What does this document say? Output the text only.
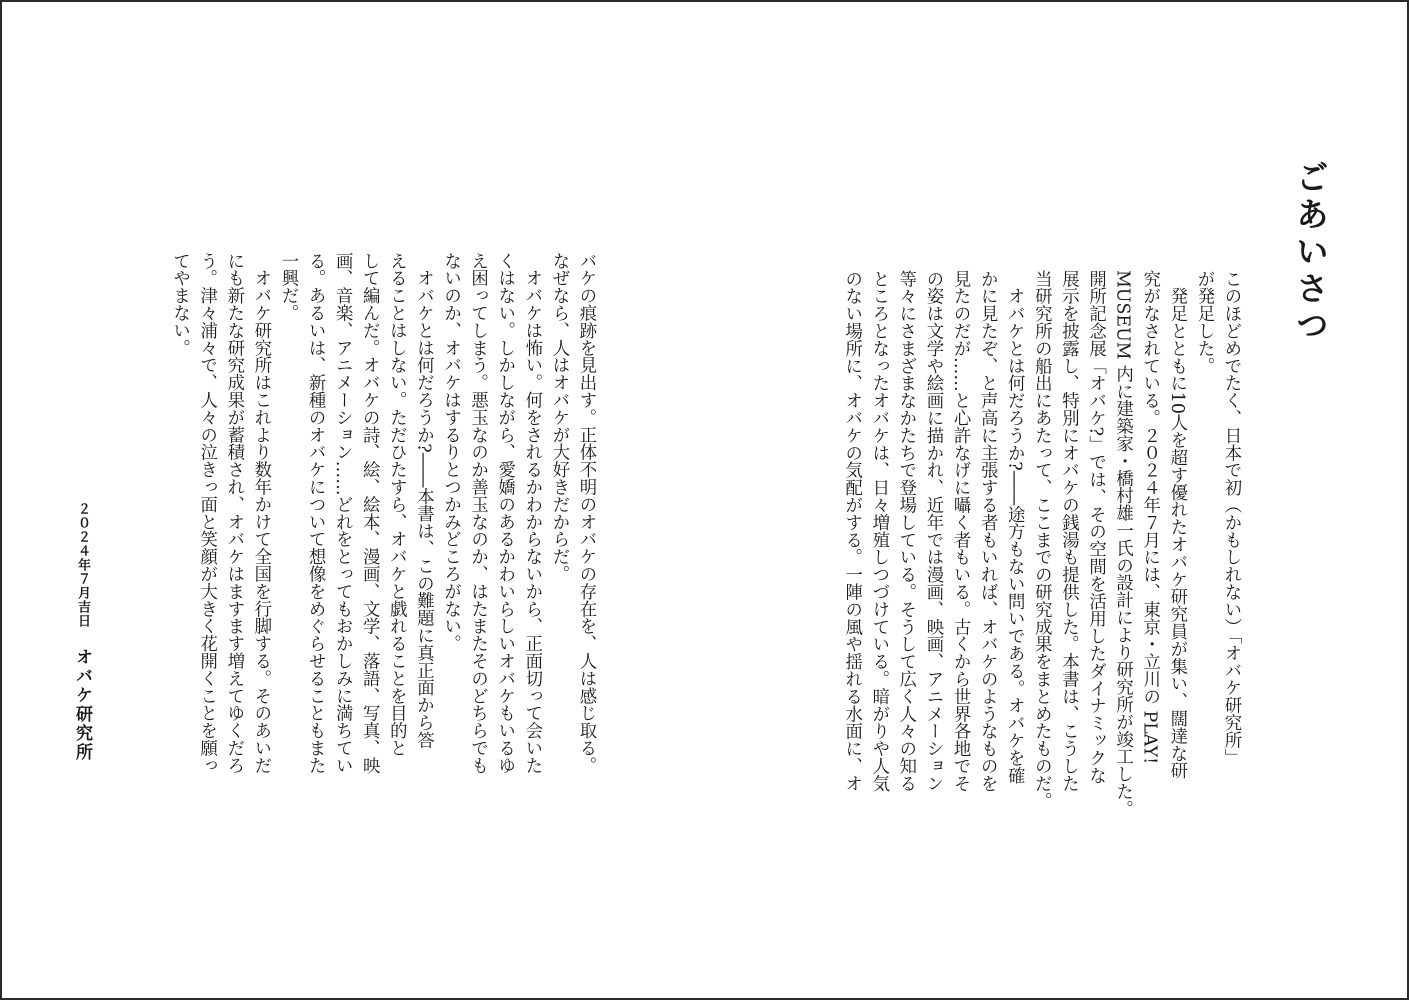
ごあいさつ

このほどめでたく、日本で初（かもしれない）「オバケ研究所」
が発足した。
　発足とともに10人を超す優れたオバケ研究員が集い、闊達な研
究がなされている。２０２４年７月には、東京・立川の PLAY!
MUSEUM 内に建築家・橋村雄一氏の設計により研究所が竣工した。
開所記念展「オバケ?」では、その空間を活用したダイナミックな
展示を披露し、特別にオバケの銭湯も提供した。本書は、こうした
当研究所の船出にあたって、ここまでの研究成果をまとめたものだ。
　オバケとは何だろうか?――途方もない問いである。オバケを確
かに見たぞ、と声高に主張する者もいれば、オバケのようなものを
見たのだが……と心許なげに囁く者もいる。古くから世界各地でそ
の姿は文学や絵画に描かれ、近年では漫画、映画、アニメーション
等々にさまざまなかたちで登場している。そうして広く人々の知る
ところとなったオバケは、日々増殖しつづけている。暗がりや人気
のない場所に、オバケの気配がする。一陣の風や揺れる水面に、オ

バケの痕跡を見出す。正体不明のオバケの存在を、人は感じ取る。
なぜなら、人はオバケが大好きだからだ。
　オバケは怖い。何をされるかわからないから、正面切って会いた
くはない。しかしながら、愛嬌のあるかわいらしいオバケもいるゆ
え困ってしまう。悪玉なのか善玉なのか、はたまたそのどちらでも
ないのか、オバケはするりとつかみどころがない。
　オバケとは何だろうか?――本書は、この難題に真正面から答
えることはしない。ただひたすら、オバケと戯れることを目的と
して編んだ。オバケの詩、絵、絵本、漫画、文学、落語、写真、映
画、音楽、アニメーション……どれをとってもおかしみに満ちてい
る。あるいは、新種のオバケについて想像をめぐらせることもまた
一興だ。
　オバケ研究所はこれより数年かけて全国を行脚する。そのあいだ
にも新たな研究成果が蓄積され、オバケはますます増えてゆくだろ
う。津々浦々で、人々の泣きっ面と笑顔が大きく花開くことを願っ
てやまない。

２０２４年７月吉日 オバケ研究所
